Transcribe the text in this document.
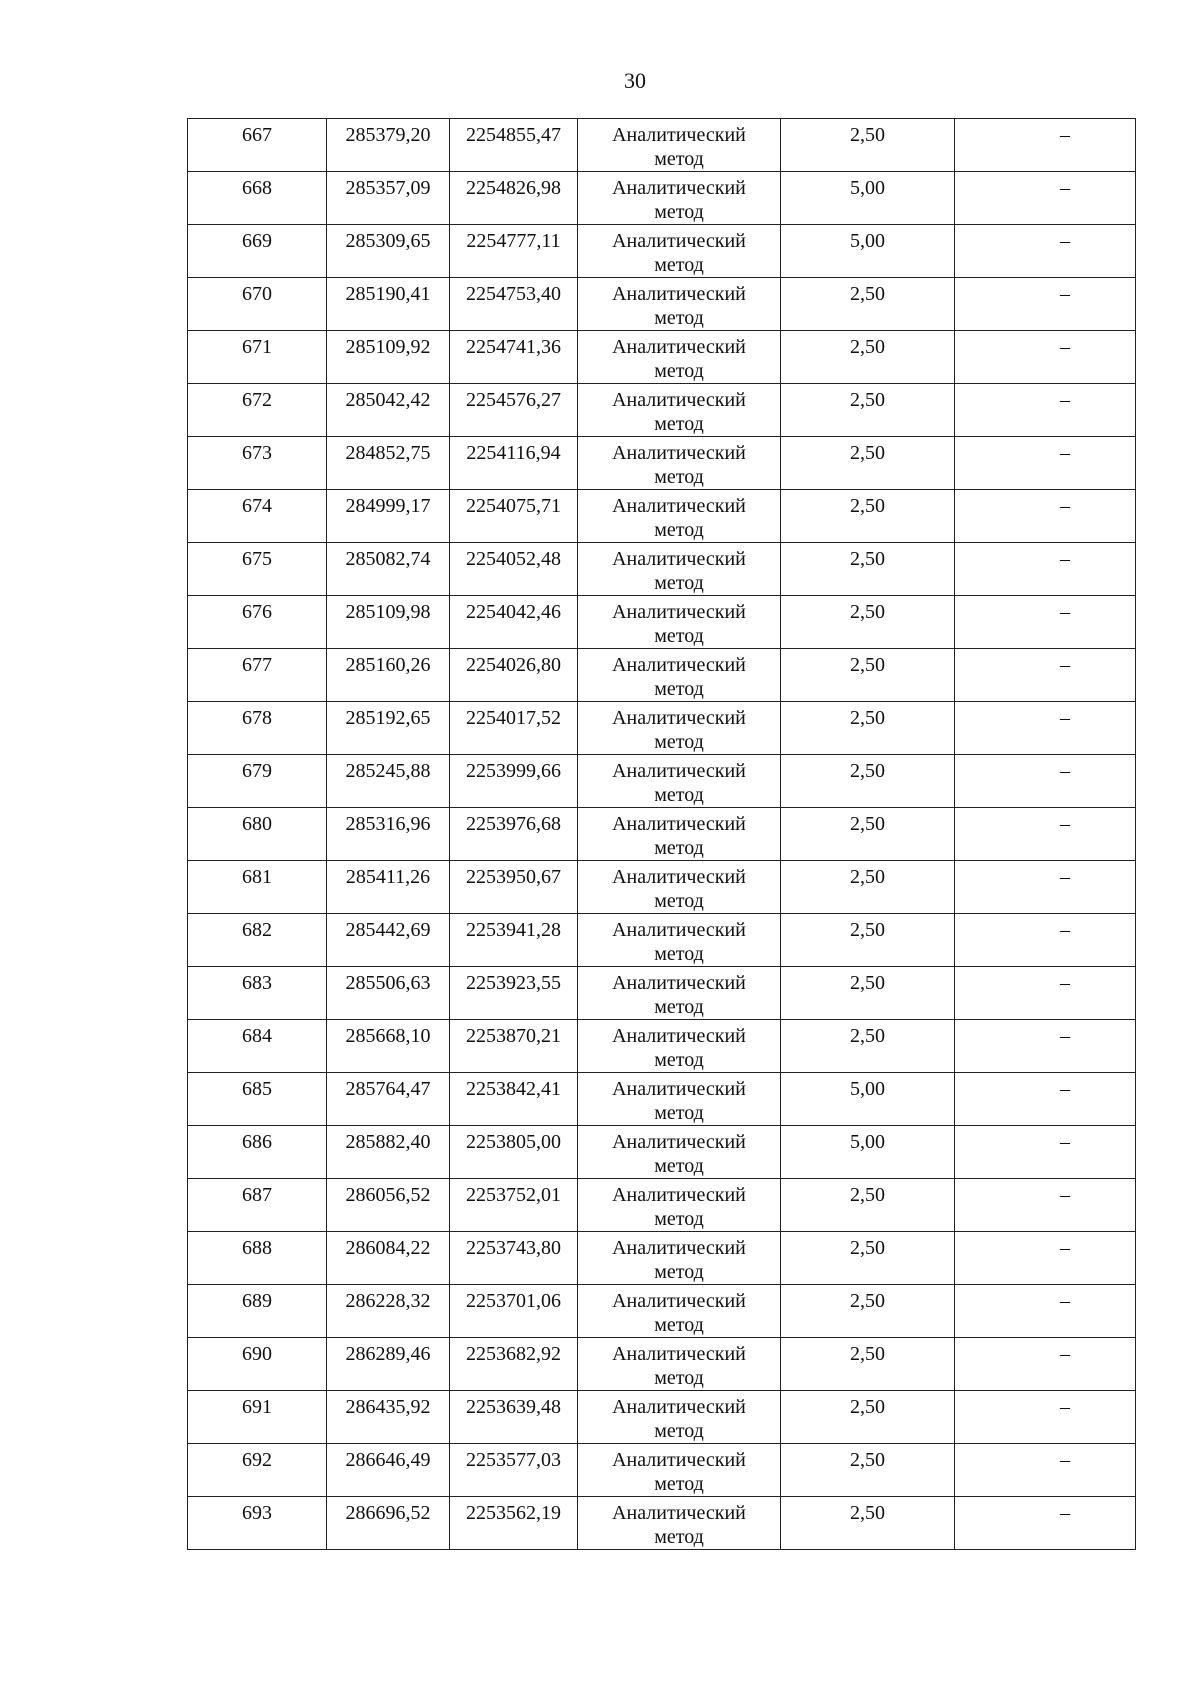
30
667	285379,20	2254855,47	Аналитический
метод	2,50	–

668	285357,09	2254826,98	Аналитический
метод	5,00	–

669	285309,65	2254777,11	Аналитический
метод	5,00	–

670	285190,41	2254753,40	Аналитический
метод	2,50	–

671	285109,92	2254741,36	Аналитический
метод	2,50	–

672	285042,42	2254576,27	Аналитический
метод	2,50	–

673	284852,75	2254116,94	Аналитический
метод	2,50	–

674	284999,17	2254075,71	Аналитический
метод	2,50	–

675	285082,74	2254052,48	Аналитический
метод	2,50	–

676	285109,98	2254042,46	Аналитический
метод	2,50	–

677	285160,26	2254026,80	Аналитический
метод	2,50	–

678	285192,65	2254017,52	Аналитический
метод	2,50	–

679	285245,88	2253999,66	Аналитический
метод	2,50	–

680	285316,96	2253976,68	Аналитический
метод	2,50	–

681	285411,26	2253950,67	Аналитический
метод	2,50	–

682	285442,69	2253941,28	Аналитический
метод	2,50	–

683	285506,63	2253923,55	Аналитический
метод	2,50	–

684	285668,10	2253870,21	Аналитический
метод	2,50	–

685	285764,47	2253842,41	Аналитический
метод	5,00	–

686	285882,40	2253805,00	Аналитический
метод	5,00	–

687	286056,52	2253752,01	Аналитический
метод	2,50	–

688	286084,22	2253743,80	Аналитический
метод	2,50	–

689	286228,32	2253701,06	Аналитический
метод	2,50	–

690	286289,46	2253682,92	Аналитический
метод	2,50	–

691	286435,92	2253639,48	Аналитический
метод	2,50	–

692	286646,49	2253577,03	Аналитический
метод	2,50	–

693	286696,52	2253562,19	Аналитический
метод	2,50	–
